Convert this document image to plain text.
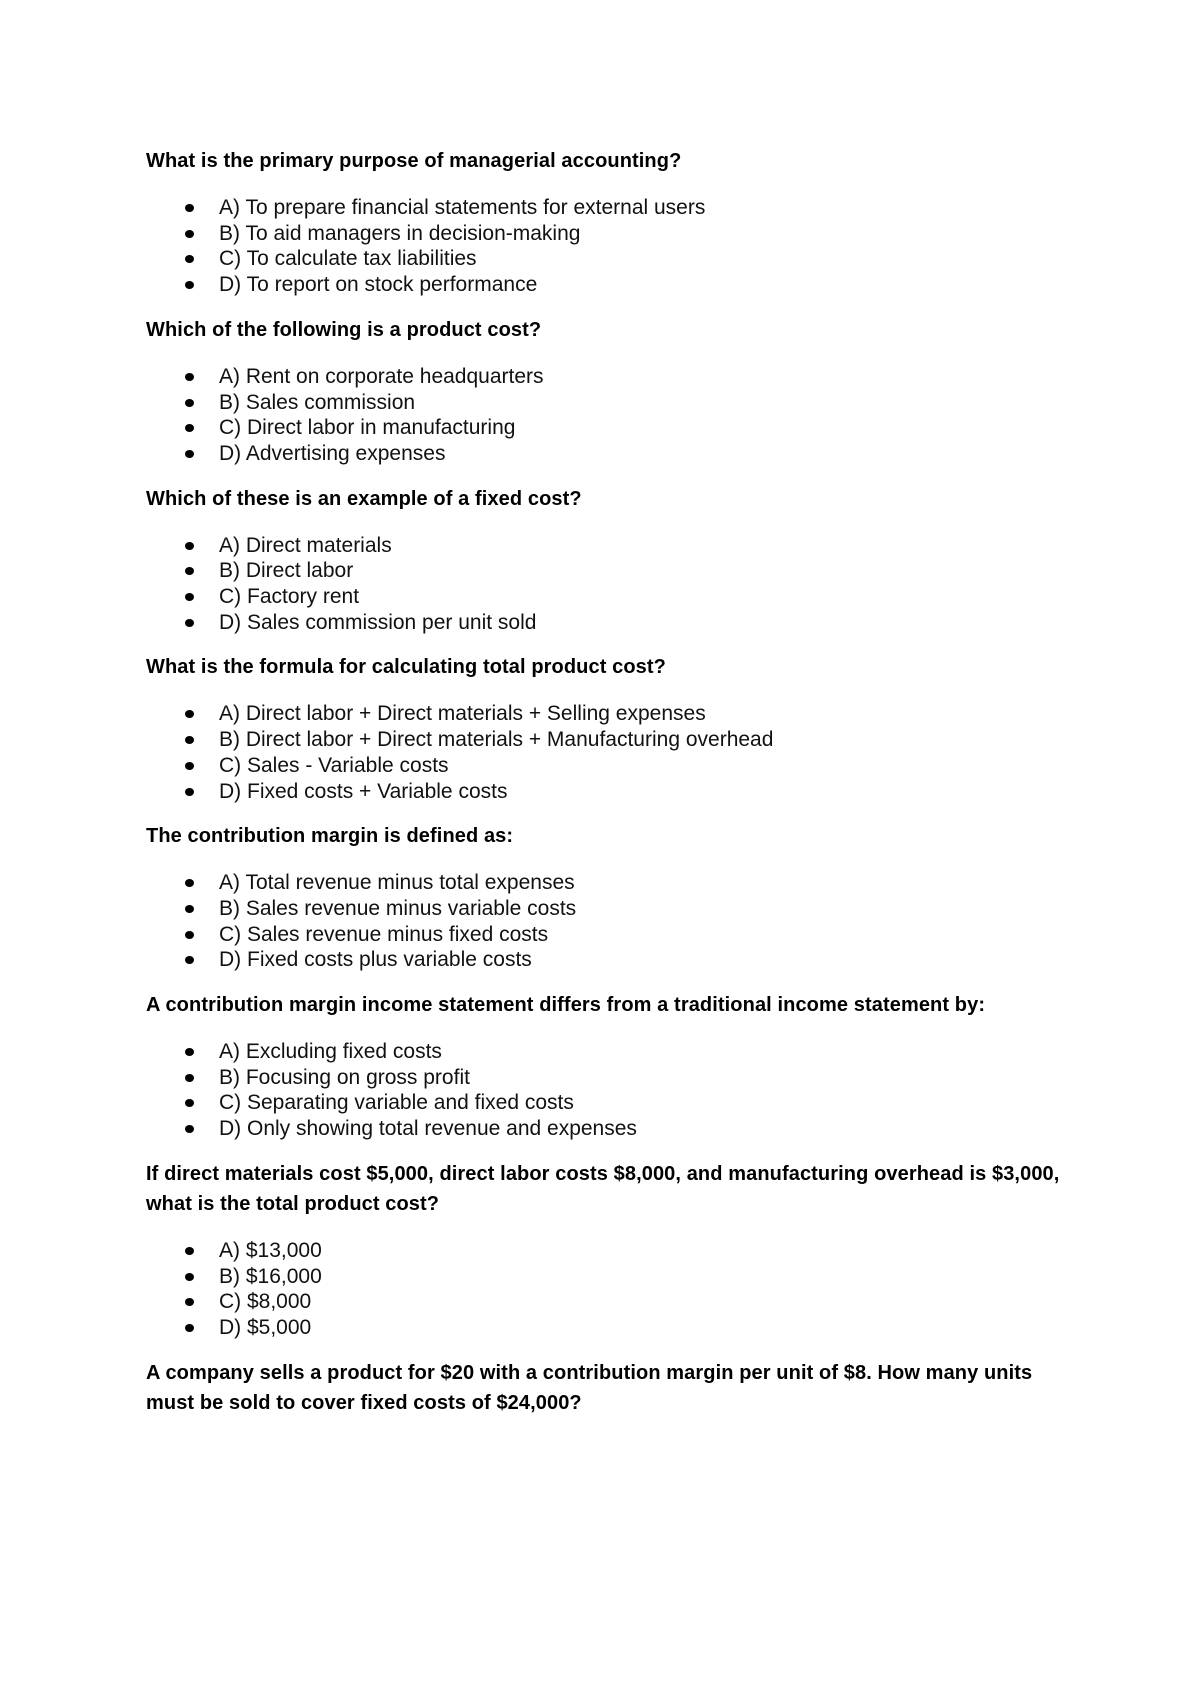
What is the primary purpose of managerial accounting?

A) To prepare financial statements for external users
B) To aid managers in decision-making
C) To calculate tax liabilities
D) To report on stock performance

Which of the following is a product cost?

A) Rent on corporate headquarters
B) Sales commission
C) Direct labor in manufacturing
D) Advertising expenses

Which of these is an example of a fixed cost?

A) Direct materials
B) Direct labor
C) Factory rent
D) Sales commission per unit sold

What is the formula for calculating total product cost?

A) Direct labor + Direct materials + Selling expenses
B) Direct labor + Direct materials + Manufacturing overhead
C) Sales - Variable costs
D) Fixed costs + Variable costs

The contribution margin is defined as:

A) Total revenue minus total expenses
B) Sales revenue minus variable costs
C) Sales revenue minus fixed costs
D) Fixed costs plus variable costs

A contribution margin income statement differs from a traditional income statement by:

A) Excluding fixed costs
B) Focusing on gross profit
C) Separating variable and fixed costs
D) Only showing total revenue and expenses

If direct materials cost $5,000, direct labor costs $8,000, and manufacturing overhead is $3,000, what is the total product cost?

A) $13,000
B) $16,000
C) $8,000
D) $5,000

A company sells a product for $20 with a contribution margin per unit of $8. How many units must be sold to cover fixed costs of $24,000?
